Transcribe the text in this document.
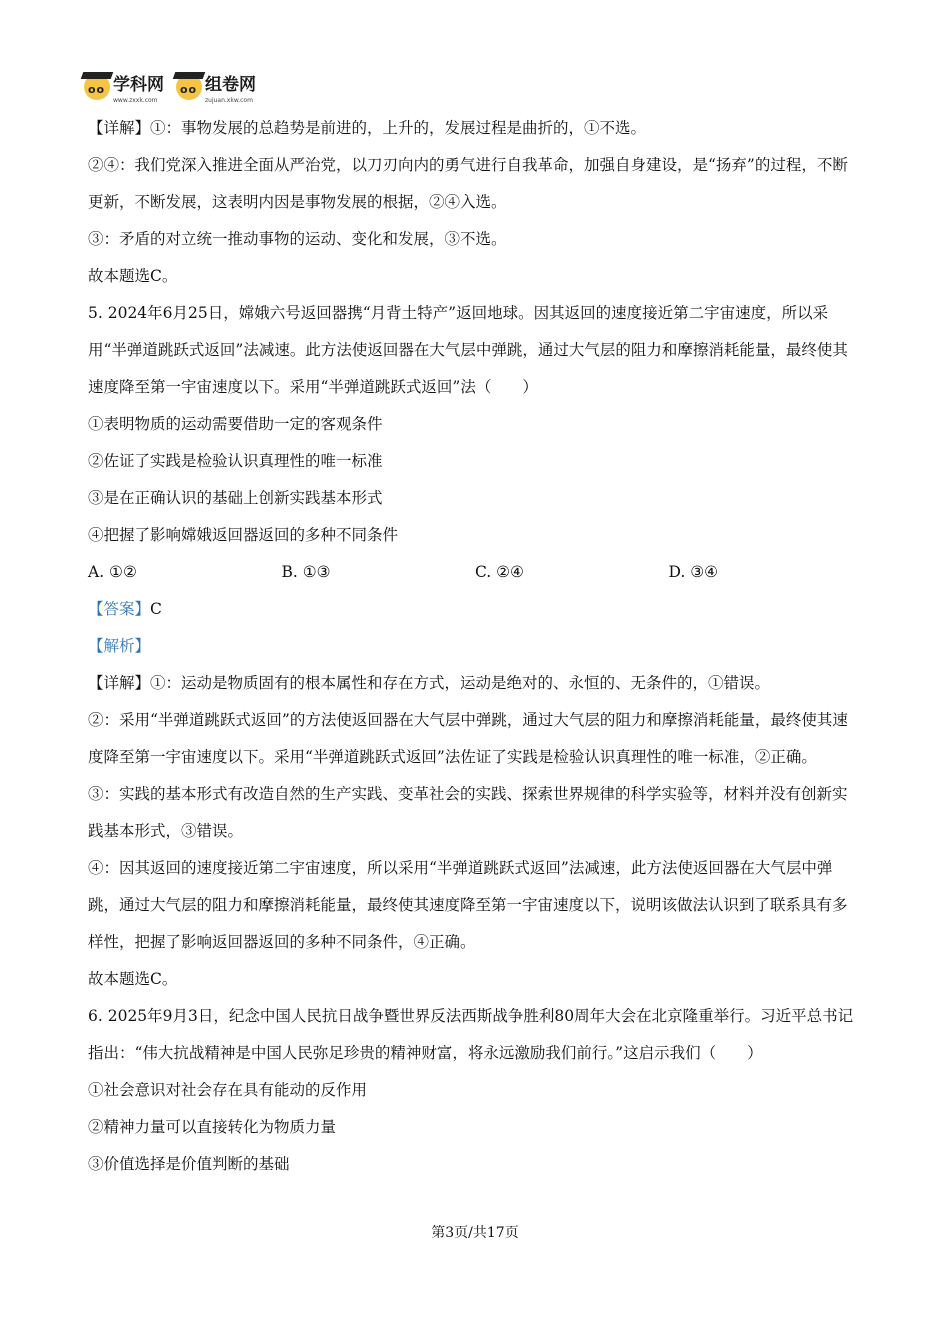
oo
学科网
www.zxxk.com
oo
组卷网
zujuan.xkw.com

【详解】①：事物发展的总趋势是前进的，上升的，发展过程是曲折的，①不选。

②④：我们党深入推进全面从严治党，以刀刃向内的勇气进行自我革命，加强自身建设，是“扬弃”的过程，不断更新，不断发展，这表明内因是事物发展的根据，②④入选。

③：矛盾的对立统一推动事物的运动、变化和发展，③不选。

故本题选C。

5. 2024年6月25日，嫦娥六号返回器携“月背土特产”返回地球。因其返回的速度接近第二宇宙速度，所以采用“半弹道跳跃式返回”法减速。此方法使返回器在大气层中弹跳，通过大气层的阻力和摩擦消耗能量，最终使其速度降至第一宇宙速度以下。采用“半弹道跳跃式返回”法（　　）

①表明物质的运动需要借助一定的客观条件

②佐证了实践是检验认识真理性的唯一标准

③是在正确认识的基础上创新实践基本形式

④把握了影响嫦娥返回器返回的多种不同条件

A. ①②	B. ①③	C. ②④	D. ③④

【答案】C

【解析】

【详解】①：运动是物质固有的根本属性和存在方式，运动是绝对的、永恒的、无条件的，①错误。

②：采用“半弹道跳跃式返回”的方法使返回器在大气层中弹跳，通过大气层的阻力和摩擦消耗能量，最终使其速度降至第一宇宙速度以下。采用“半弹道跳跃式返回”法佐证了实践是检验认识真理性的唯一标准，②正确。

③：实践的基本形式有改造自然的生产实践、变革社会的实践、探索世界规律的科学实验等，材料并没有创新实践基本形式，③错误。

④：因其返回的速度接近第二宇宙速度，所以采用“半弹道跳跃式返回”法减速，此方法使返回器在大气层中弹跳，通过大气层的阻力和摩擦消耗能量，最终使其速度降至第一宇宙速度以下，说明该做法认识到了联系具有多样性，把握了影响返回器返回的多种不同条件，④正确。

故本题选C。

6. 2025年9月3日，纪念中国人民抗日战争暨世界反法西斯战争胜利80周年大会在北京隆重举行。习近平总书记指出：“伟大抗战精神是中国人民弥足珍贵的精神财富，将永远激励我们前行。”这启示我们（　　）

①社会意识对社会存在具有能动的反作用

②精神力量可以直接转化为物质力量

③价值选择是价值判断的基础

第3页/共17页
